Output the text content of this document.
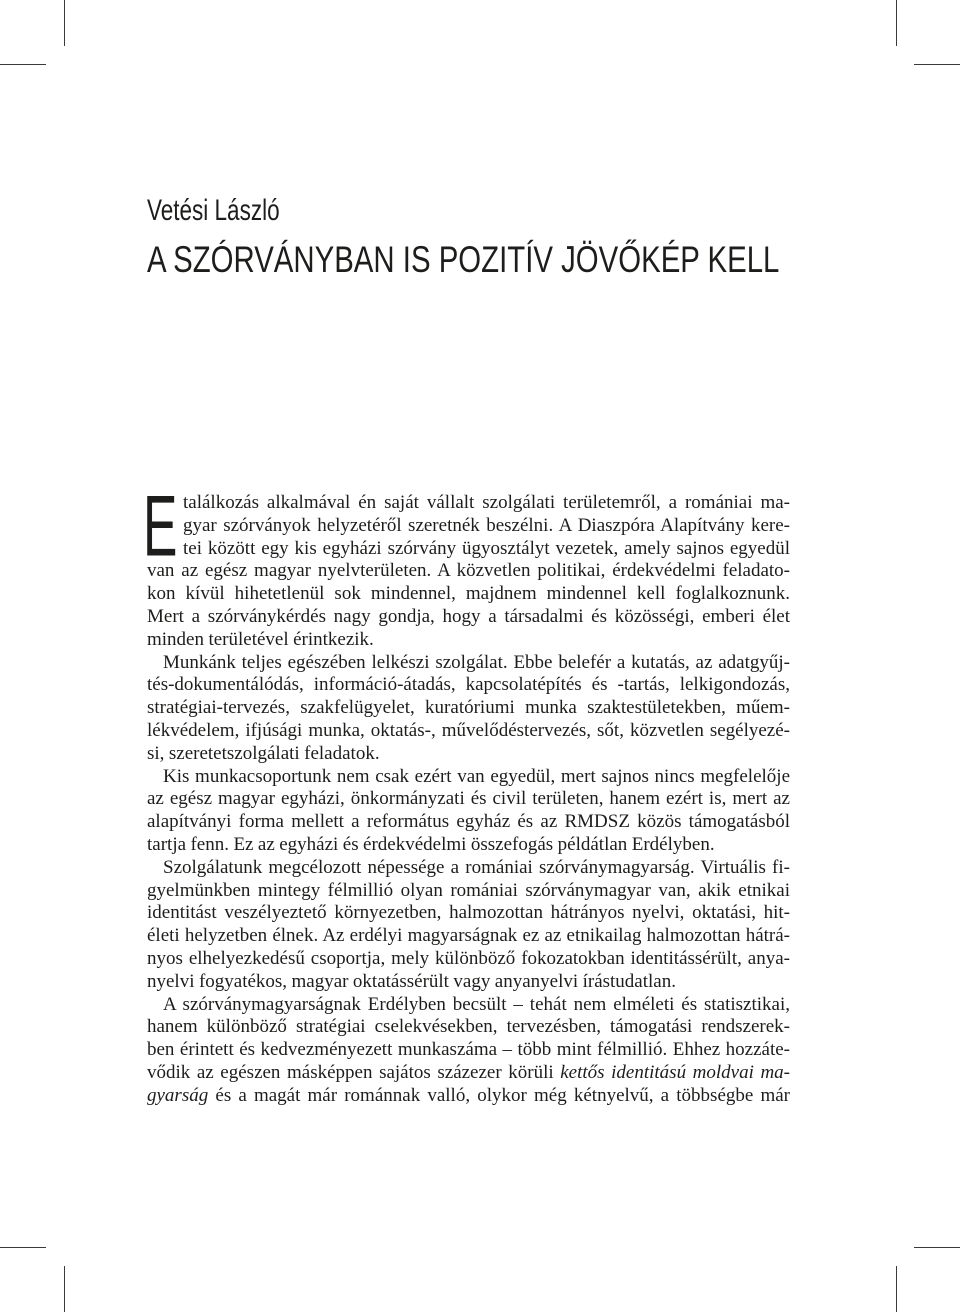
Vetési László
A SZÓRVÁNYBAN IS POZITÍV JÖVŐKÉP KELL
E találkozás alkalmával én saját vállalt szolgálati területemről, a romániai ma-
gyar szórványok helyzetéről szeretnék beszélni. A Diaszpóra Alapítvány kere-
tei között egy kis egyházi szórvány ügyosztályt vezetek, amely sajnos egyedül
van az egész magyar nyelvterületen. A közvetlen politikai, érdekvédelmi feladato-
kon kívül hihetetlenül sok mindennel, majdnem mindennel kell foglalkoznunk.
Mert a szórványkérdés nagy gondja, hogy a társadalmi és közösségi, emberi élet
minden területével érintkezik.
Munkánk teljes egészében lelkészi szolgálat. Ebbe belefér a kutatás, az adatgyűj-
tés-dokumentálódás, információ-átadás, kapcsolatépítés és -tartás, lelkigondozás,
stratégiai-tervezés, szakfelügyelet, kuratóriumi munka szaktestületekben, műem-
lékvédelem, ifjúsági munka, oktatás-, művelődéstervezés, sőt, közvetlen segélyezé-
si, szeretetszolgálati feladatok.
Kis munkacsoportunk nem csak ezért van egyedül, mert sajnos nincs megfelelője
az egész magyar egyházi, önkormányzati és civil területen, hanem ezért is, mert az
alapítványi forma mellett a református egyház és az RMDSZ közös támogatásból
tartja fenn. Ez az egyházi és érdekvédelmi összefogás példátlan Erdélyben.
Szolgálatunk megcélozott népessége a romániai szórványmagyarság. Virtuális fi-
gyelmünkben mintegy félmillió olyan romániai szórványmagyar van, akik etnikai
identitást veszélyeztető környezetben, halmozottan hátrányos nyelvi, oktatási, hit-
életi helyzetben élnek. Az erdélyi magyarságnak ez az etnikailag halmozottan hátrá-
nyos elhelyezkedésű csoportja, mely különböző fokozatokban identitássérült, anya-
nyelvi fogyatékos, magyar oktatássérült vagy anyanyelvi írástudatlan.
A szórványmagyarságnak Erdélyben becsült – tehát nem elméleti és statisztikai,
hanem különböző stratégiai cselekvésekben, tervezésben, támogatási rendszerek-
ben érintett és kedvezményezett munkaszáma – több mint félmillió. Ehhez hozzáte-
vődik az egészen másképpen sajátos százezer körüli kettős identitású moldvai ma-
gyarság és a magát már románnak valló, olykor még kétnyelvű, a többségbe már
